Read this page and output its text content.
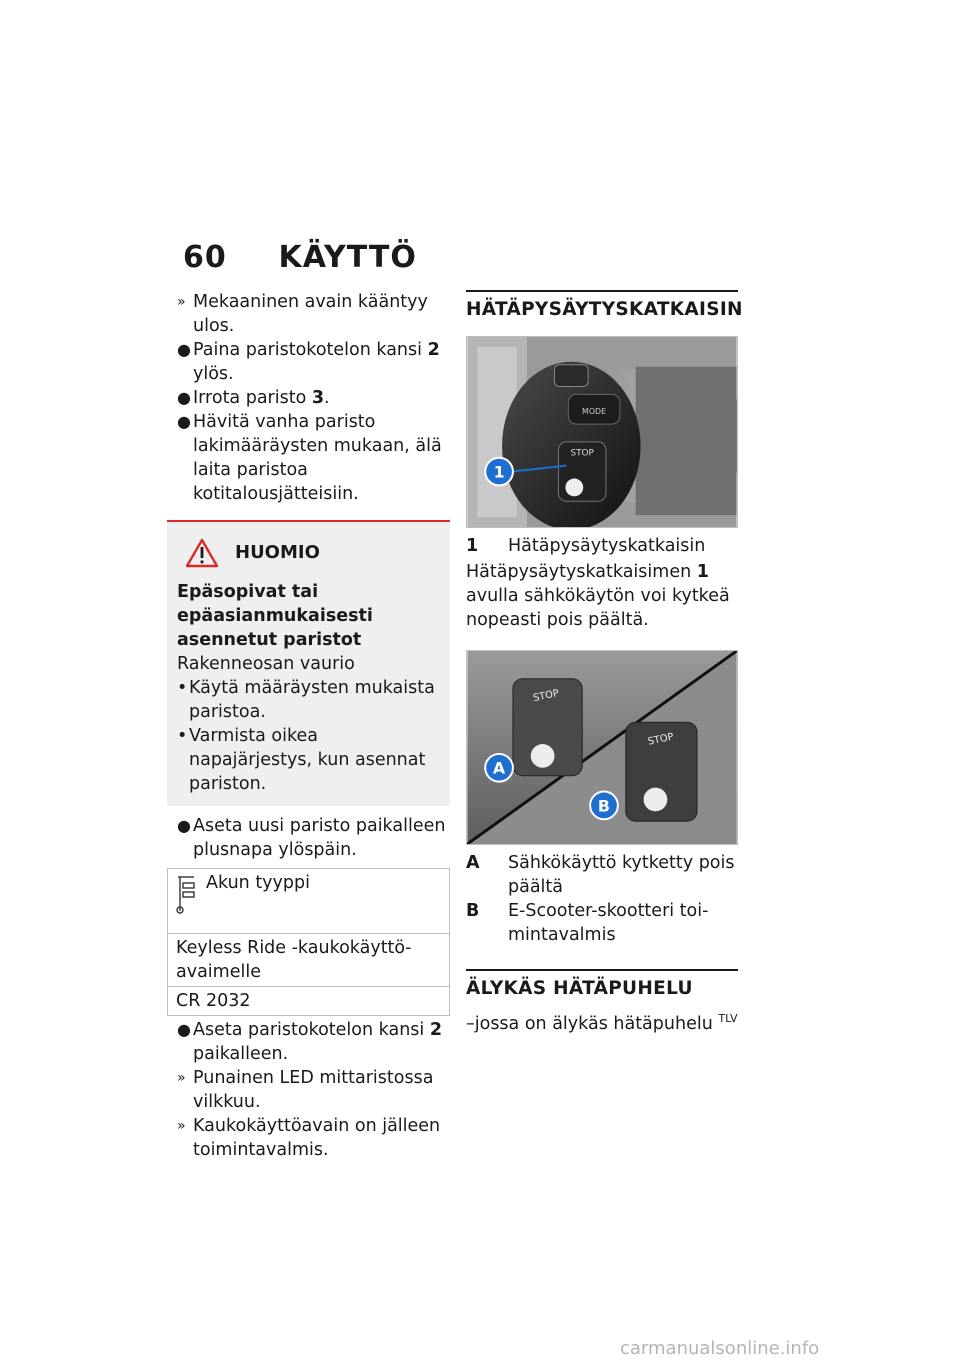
60 KÄYTTÖ
» Mekaaninen avain kääntyy ulos.
● Paina paristokotelon kansi 2 ylös.
● Irrota paristo 3.
● Hävitä vanha paristo lakimääräysten mukaan, älä laita paristoa kotitalousjätteisiin.
HUOMIO
Epäsopivat tai epäasianmukaisesti asennetut paristot
Rakenneosan vaurio
• Käytä määräysten mukaista paristoa.
• Varmista oikea napajärjestys, kun asennat pariston.
● Aseta uusi paristo paikalleen plusnapa ylöspäin.
Akun tyyppi

Keyless Ride -kaukokäyttöavaimelle
CR 2032
● Aseta paristokotelon kansi 2 paikalleen.
» Punainen LED mittaristossa vilkkuu.
» Kaukokäyttöavain on jälleen toimintavalmis.
HÄTÄPYSÄYTYSKATKAISIN
MODE
STOP
1
1	Hätäpysäytyskatkaisin
Hätäpysäytyskatkaisimen 1 avulla sähkökäytön voi kytkeä nopeasti pois päältä.
STOP
STOP
A
B
A	Sähkökäyttö kytketty pois päältä
B	E-Scooter-skootteri toimintavalmis
ÄLYKÄS HÄTÄPUHELU
–jossa on älykäs hätäpuhelu $^{TLV}$
carmanualsonline.info
